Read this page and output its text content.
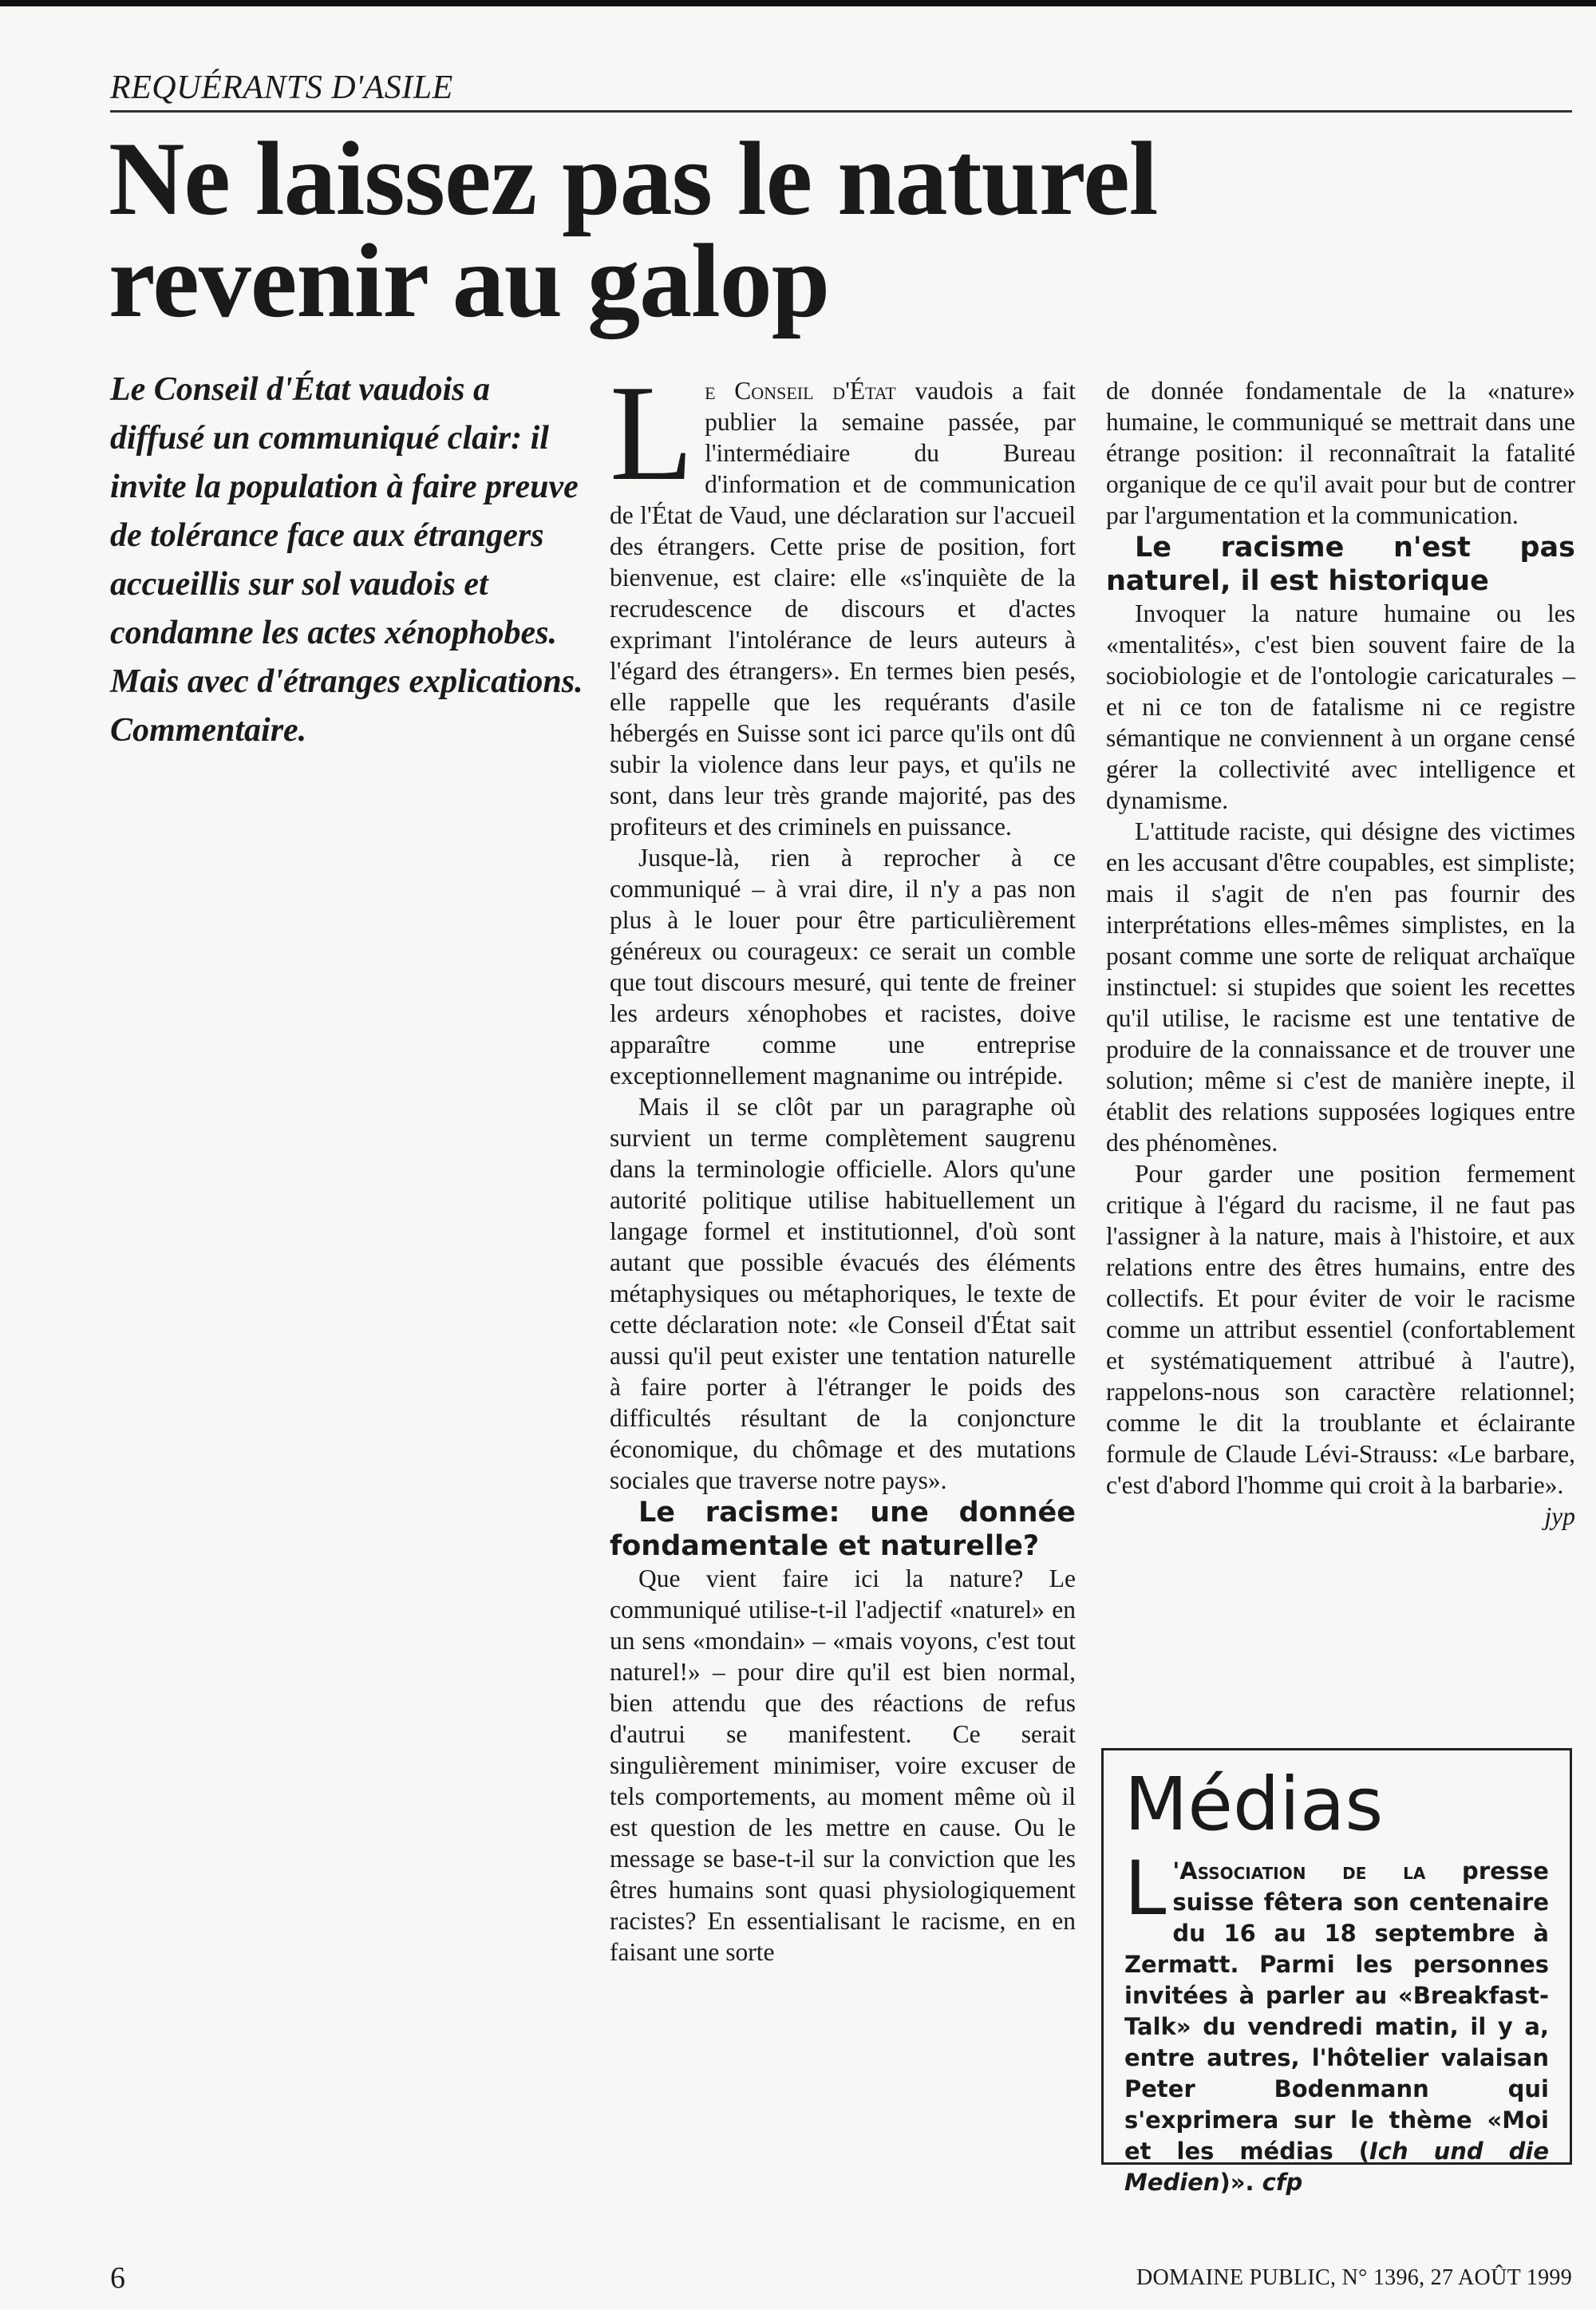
REQUÉRANTS D'ASILE
Ne laissez pas le naturel
revenir au galop
Le Conseil d'État vaudois a diffusé un communiqué clair: il invite la population à faire preuve de tolérance face aux étrangers accueillis sur sol vaudois et condamne les actes xénophobes. Mais avec d'étranges explications. Commentaire.

Le Conseil d'État vaudois a fait publier la semaine passée, par l'intermédiaire du Bureau d'information et de communication de l'État de Vaud, une déclaration sur l'accueil des étrangers. Cette prise de position, fort bienvenue, est claire: elle «s'inquiète de la recrudescence de discours et d'actes exprimant l'intolérance de leurs auteurs à l'égard des étrangers». En termes bien pesés, elle rappelle que les requérants d'asile hébergés en Suisse sont ici parce qu'ils ont dû subir la violence dans leur pays, et qu'ils ne sont, dans leur très grande majorité, pas des profiteurs et des criminels en puissance.

Jusque-là, rien à reprocher à ce communiqué – à vrai dire, il n'y a pas non plus à le louer pour être particulièrement généreux ou courageux: ce serait un comble que tout discours mesuré, qui tente de freiner les ardeurs xénophobes et racistes, doive apparaître comme une entreprise exceptionnellement magnanime ou intrépide.

Mais il se clôt par un paragraphe où survient un terme complètement saugrenu dans la terminologie officielle. Alors qu'une autorité politique utilise habituellement un langage formel et institutionnel, d'où sont autant que possible évacués des éléments métaphysiques ou métaphoriques, le texte de cette déclaration note: «le Conseil d'État sait aussi qu'il peut exister une tentation naturelle à faire porter à l'étranger le poids des difficultés résultant de la conjoncture économique, du chômage et des mutations sociales que traverse notre pays».

Le racisme: une donnée fondamentale et naturelle?

Que vient faire ici la nature? Le communiqué utilise-t-il l'adjectif «naturel» en un sens «mondain» – «mais voyons, c'est tout naturel!» – pour dire qu'il est bien normal, bien attendu que des réactions de refus d'autrui se manifestent. Ce serait singulièrement minimiser, voire excuser de tels comportements, au moment même où il est question de les mettre en cause. Ou le message se base-t-il sur la conviction que les êtres humains sont quasi physiologiquement racistes? En essentialisant le racisme, en en faisant une sorte

de donnée fondamentale de la «nature» humaine, le communiqué se mettrait dans une étrange position: il reconnaîtrait la fatalité organique de ce qu'il avait pour but de contrer par l'argumentation et la communication.

Le racisme n'est pas naturel, il est historique

Invoquer la nature humaine ou les «mentalités», c'est bien souvent faire de la sociobiologie et de l'ontologie caricaturales – et ni ce ton de fatalisme ni ce registre sémantique ne conviennent à un organe censé gérer la collectivité avec intelligence et dynamisme.

L'attitude raciste, qui désigne des victimes en les accusant d'être coupables, est simpliste; mais il s'agit de n'en pas fournir des interprétations elles-mêmes simplistes, en la posant comme une sorte de reliquat archaïque instinctuel: si stupides que soient les recettes qu'il utilise, le racisme est une tentative de produire de la connaissance et de trouver une solution; même si c'est de manière inepte, il établit des relations supposées logiques entre des phénomènes.

Pour garder une position fermement critique à l'égard du racisme, il ne faut pas l'assigner à la nature, mais à l'histoire, et aux relations entre des êtres humains, entre des collectifs. Et pour éviter de voir le racisme comme un attribut essentiel (confortablement et systématiquement attribué à l'autre), rappelons-nous son caractère relationnel; comme le dit la troublante et éclairante formule de Claude Lévi-Strauss: «Le barbare, c'est d'abord l'homme qui croit à la barbarie».
jyp

Médias
L 'Association de la presse suisse fêtera son centenaire du 16 au 18 septembre à Zermatt. Parmi les personnes invitées à parler au «Breakfast-Talk» du vendredi matin, il y a, entre autres, l'hôtelier valaisan Peter Bodenmann qui s'exprimera sur le thème «Moi et les médias (Ich und die Medien)». cfp
6	DOMAINE PUBLIC, N° 1396, 27 AOÛT 1999
